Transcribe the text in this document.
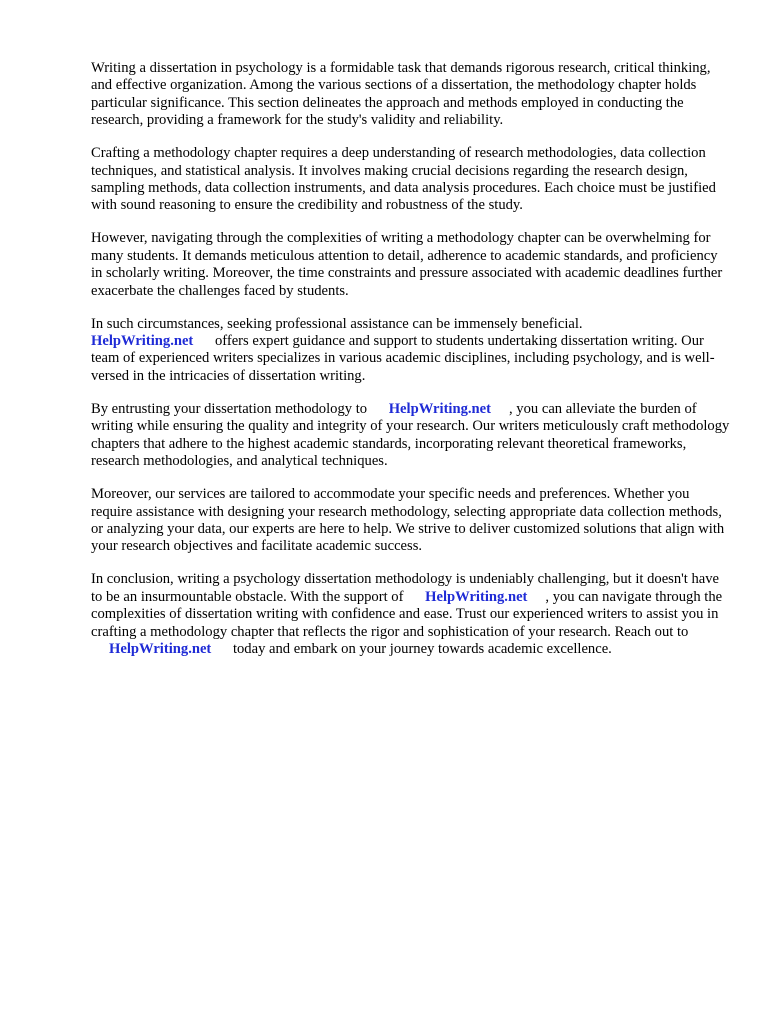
Writing a dissertation in psychology is a formidable task that demands rigorous research, critical thinking, and effective organization. Among the various sections of a dissertation, the methodology chapter holds particular significance. This section delineates the approach and methods employed in conducting the research, providing a framework for the study's validity and reliability.

Crafting a methodology chapter requires a deep understanding of research methodologies, data collection techniques, and statistical analysis. It involves making crucial decisions regarding the research design, sampling methods, data collection instruments, and data analysis procedures. Each choice must be justified with sound reasoning to ensure the credibility and robustness of the study.

However, navigating through the complexities of writing a methodology chapter can be overwhelming for many students. It demands meticulous attention to detail, adherence to academic standards, and proficiency in scholarly writing. Moreover, the time constraints and pressure associated with academic deadlines further exacerbate the challenges faced by students.

In such circumstances, seeking professional assistance can be immensely beneficial.
HelpWriting.net offers expert guidance and support to students undertaking dissertation writing. Our team of experienced writers specializes in various academic disciplines, including psychology, and is well-versed in the intricacies of dissertation writing.

By entrusting your dissertation methodology to HelpWriting.net , you can alleviate the burden of writing while ensuring the quality and integrity of your research. Our writers meticulously craft methodology chapters that adhere to the highest academic standards, incorporating relevant theoretical frameworks, research methodologies, and analytical techniques.

Moreover, our services are tailored to accommodate your specific needs and preferences. Whether you require assistance with designing your research methodology, selecting appropriate data collection methods, or analyzing your data, our experts are here to help. We strive to deliver customized solutions that align with your research objectives and facilitate academic success.

In conclusion, writing a psychology dissertation methodology is undeniably challenging, but it doesn't have to be an insurmountable obstacle. With the support of HelpWriting.net , you can navigate through the complexities of dissertation writing with confidence and ease. Trust our experienced writers to assist you in crafting a methodology chapter that reflects the rigor and sophistication of your research. Reach out to HelpWriting.net today and embark on your journey towards academic excellence.
